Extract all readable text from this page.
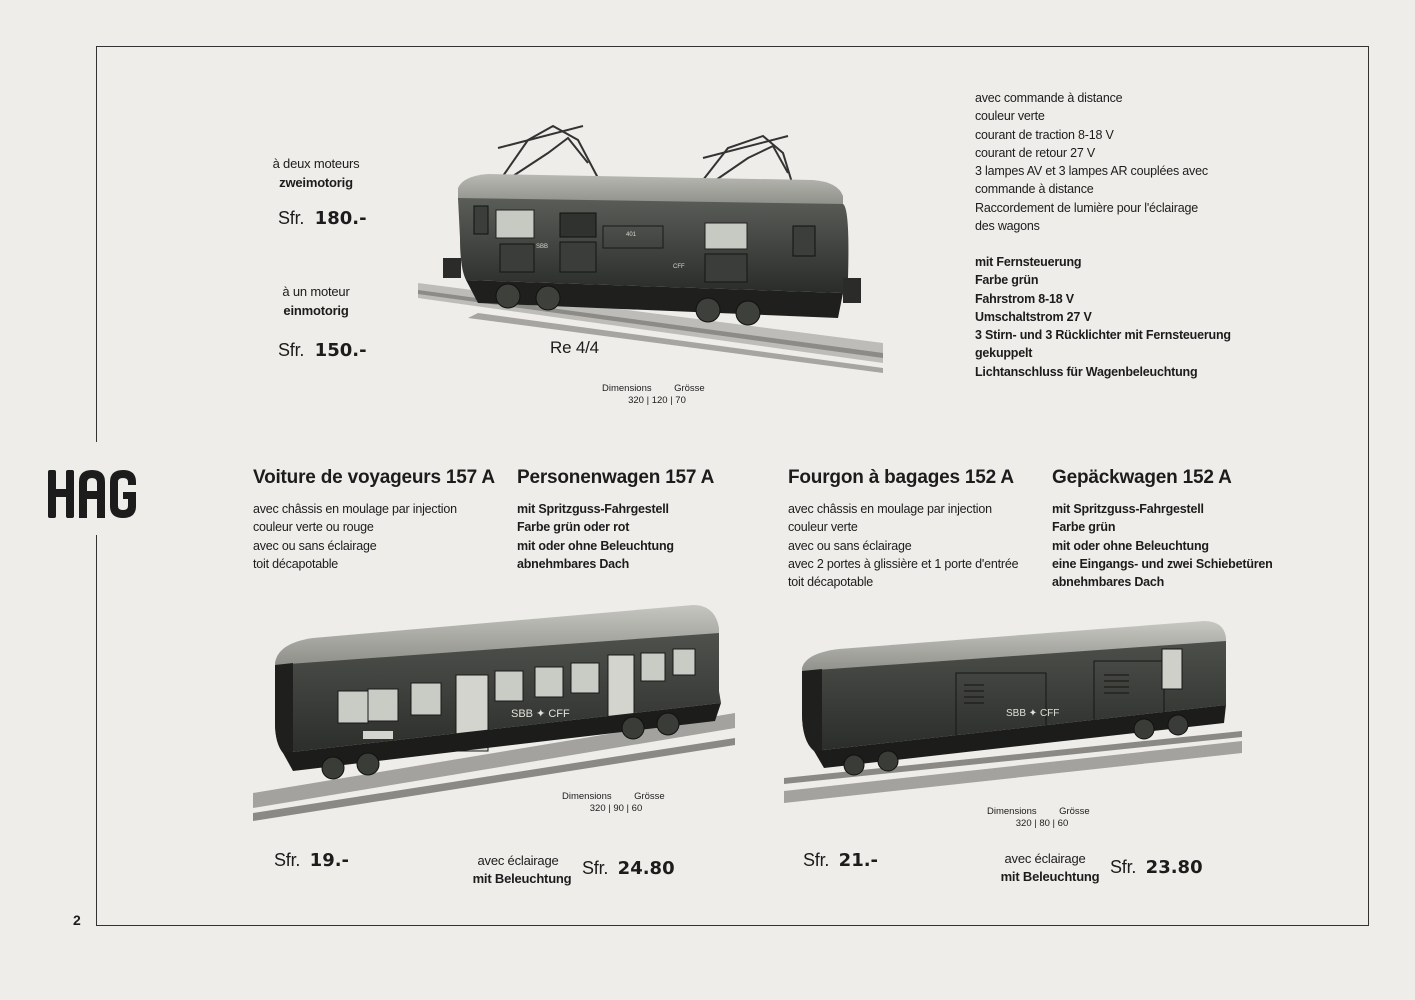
2
à deux moteurs
zweimotorig
Sfr. 180.-
à un moteur
einmotorig
Sfr. 150.-	Re 4/4
Dimensions Grösse
320 | 120 | 70
401
SBB
CFF
avec commande à distance
couleur verte
courant de traction 8-18 V
courant de retour 27 V
3 lampes AV et 3 lampes AR couplées avec
commande à distance
Raccordement de lumière pour l'éclairage
des wagons
mit Fernsteuerung
Farbe grün
Fahrstrom 8-18 V
Umschaltstrom 27 V
3 Stirn- und 3 Rücklichter mit Fernsteuerung
gekuppelt
Lichtanschluss für Wagenbeleuchtung
Voiture de voyageurs 157 A Personenwagen 157 A
avec châssis en moulage par injection
couleur verte ou rouge
avec ou sans éclairage
toit décapotable
mit Spritzguss-Fahrgestell
Farbe grün oder rot
mit oder ohne Beleuchtung
abnehmbares Dach
SBB ✦ CFF
Dimensions Grösse
320 | 90 | 60
Sfr. 19.-	avec éclairage
mit Beleuchtung
Sfr. 24.80
Fourgon à bagages 152 A Gepäckwagen 152 A
avec châssis en moulage par injection
couleur verte
avec ou sans éclairage
avec 2 portes à glissière et 1 porte d'entrée
toit décapotable
mit Spritzguss-Fahrgestell
Farbe grün
mit oder ohne Beleuchtung
eine Eingangs- und zwei Schiebetüren
abnehmbares Dach
SBB ✦ CFF
Dimensions Grösse
320 | 80 | 60
Sfr. 21.-	avec éclairage
mit Beleuchtung Sfr. 23.80
